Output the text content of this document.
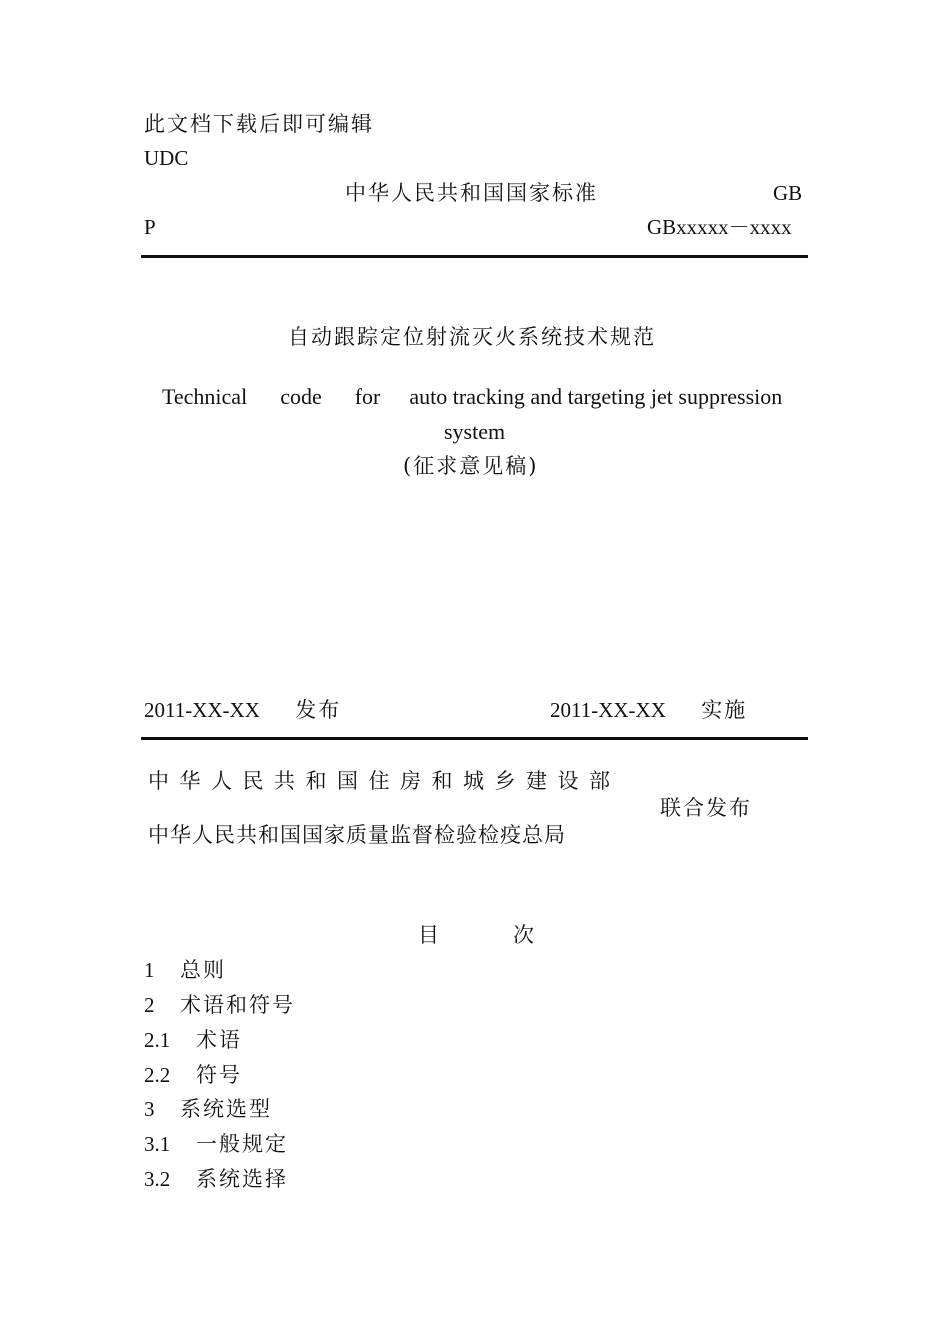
此文档下载后即可编辑
UDC
中华人民共和国国家标准	GB
P	GBxxxxx－xxxx
自动跟踪定位射流灭火系统技术规范
Technical code for auto tracking and targeting jet suppression
system
(征求意见稿)
2011-XX-XX 发布	2011-XX-XX 实施
中华人民共和国住房和城乡建设部
联合发布
中华人民共和国国家质量监督检验检疫总局
目	次
1 总则
2 术语和符号
2.1 术语
2.2 符号
3 系统选型
3.1 一般规定
3.2 系统选择
